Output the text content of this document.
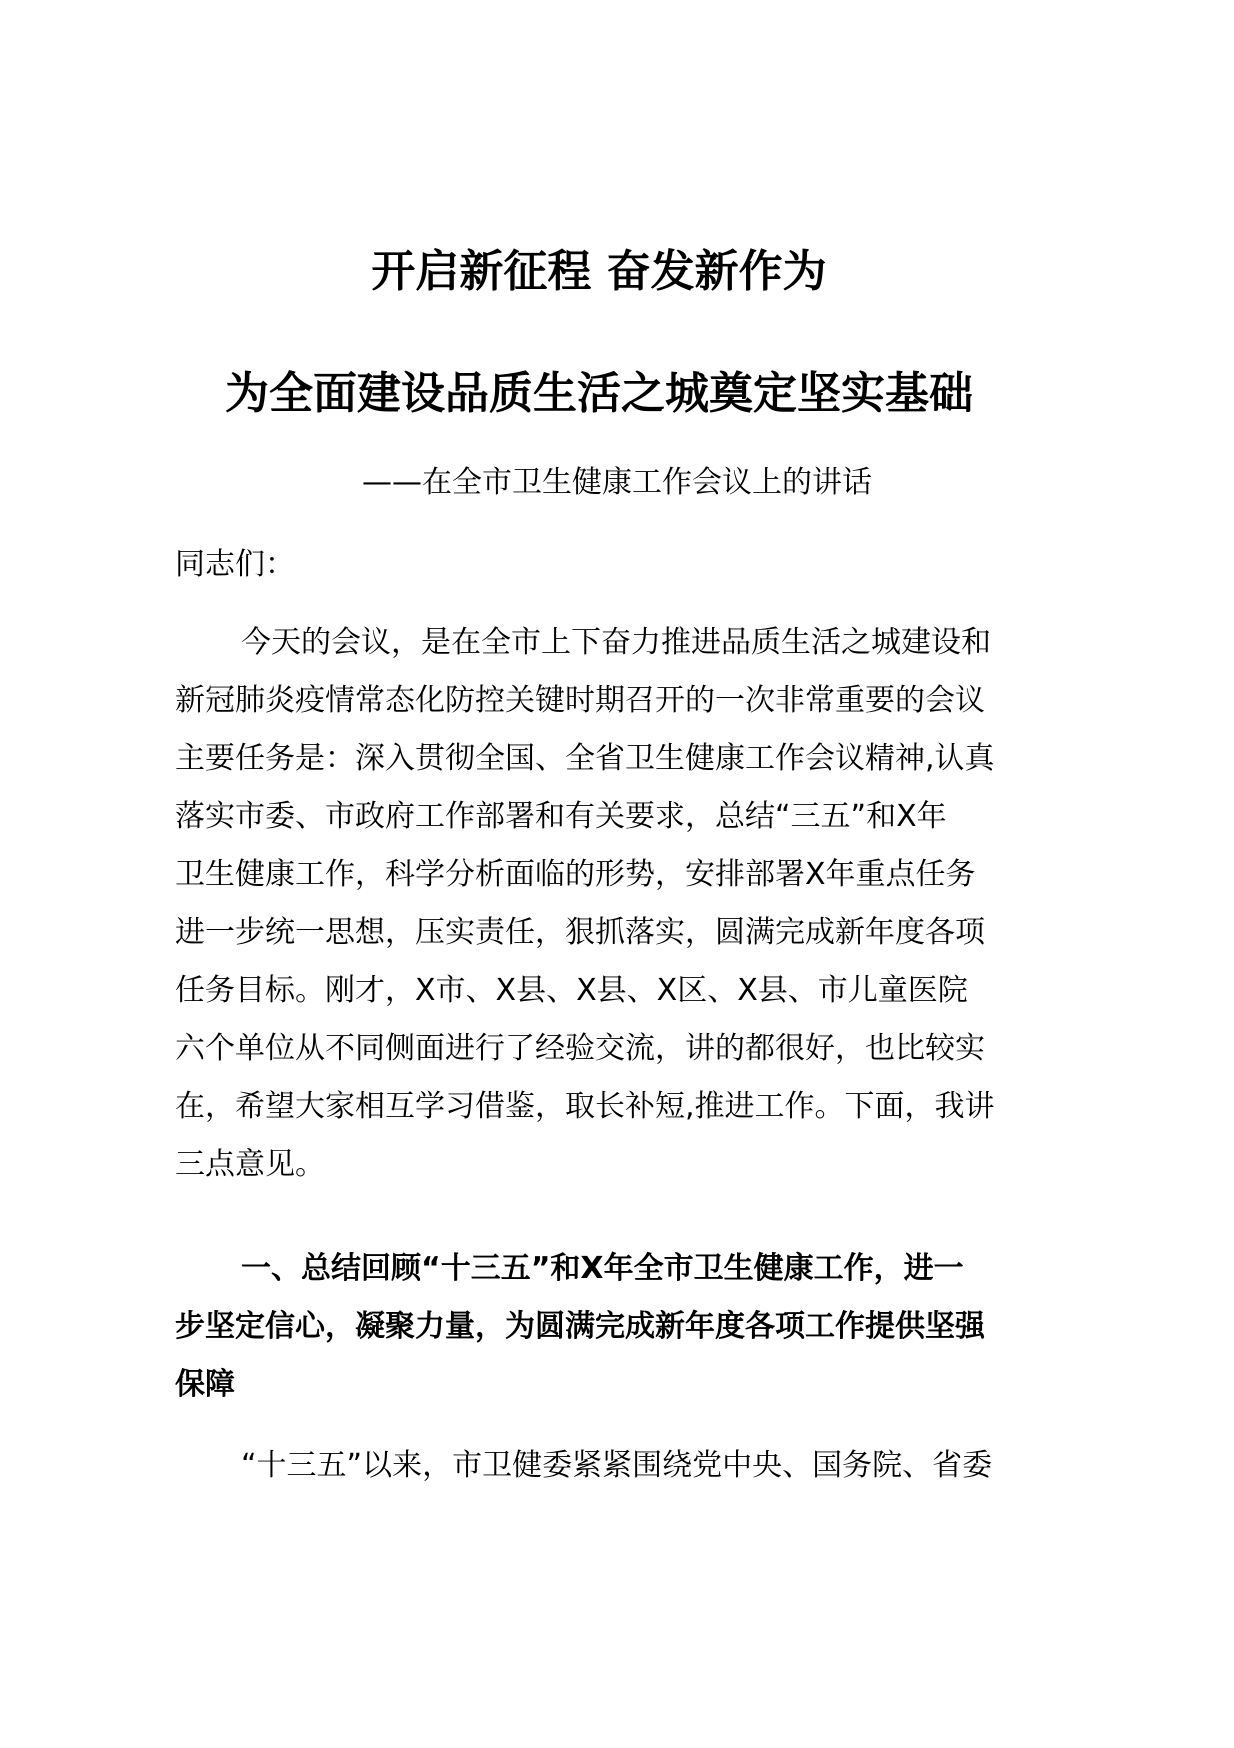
开启新征程 奋发新作为
为全面建设品质生活之城奠定坚实基础
——在全市卫生健康工作会议上的讲话
同志们：
今天的会议，是在全市上下奋力推进品质生活之城建设和
新冠肺炎疫情常态化防控关键时期召开的一次非常重要的会议
主要任务是：深入贯彻全国、全省卫生健康工作会议精神,认真
落实市委、市政府工作部署和有关要求，总结“三五”和X年
卫生健康工作，科学分析面临的形势，安排部署X年重点任务
进一步统一思想，压实责任，狠抓落实，圆满完成新年度各项
任务目标。刚才，X市、X县、X县、X区、X县、市儿童医院
六个单位从不同侧面进行了经验交流，讲的都很好，也比较实
在，希望大家相互学习借鉴，取长补短,推进工作。下面，我讲
三点意见。
一、总结回顾“十三五”和X年全市卫生健康工作，进一
步坚定信心，凝聚力量，为圆满完成新年度各项工作提供坚强
保障
“十三五”以来，市卫健委紧紧围绕党中央、国务院、省委
